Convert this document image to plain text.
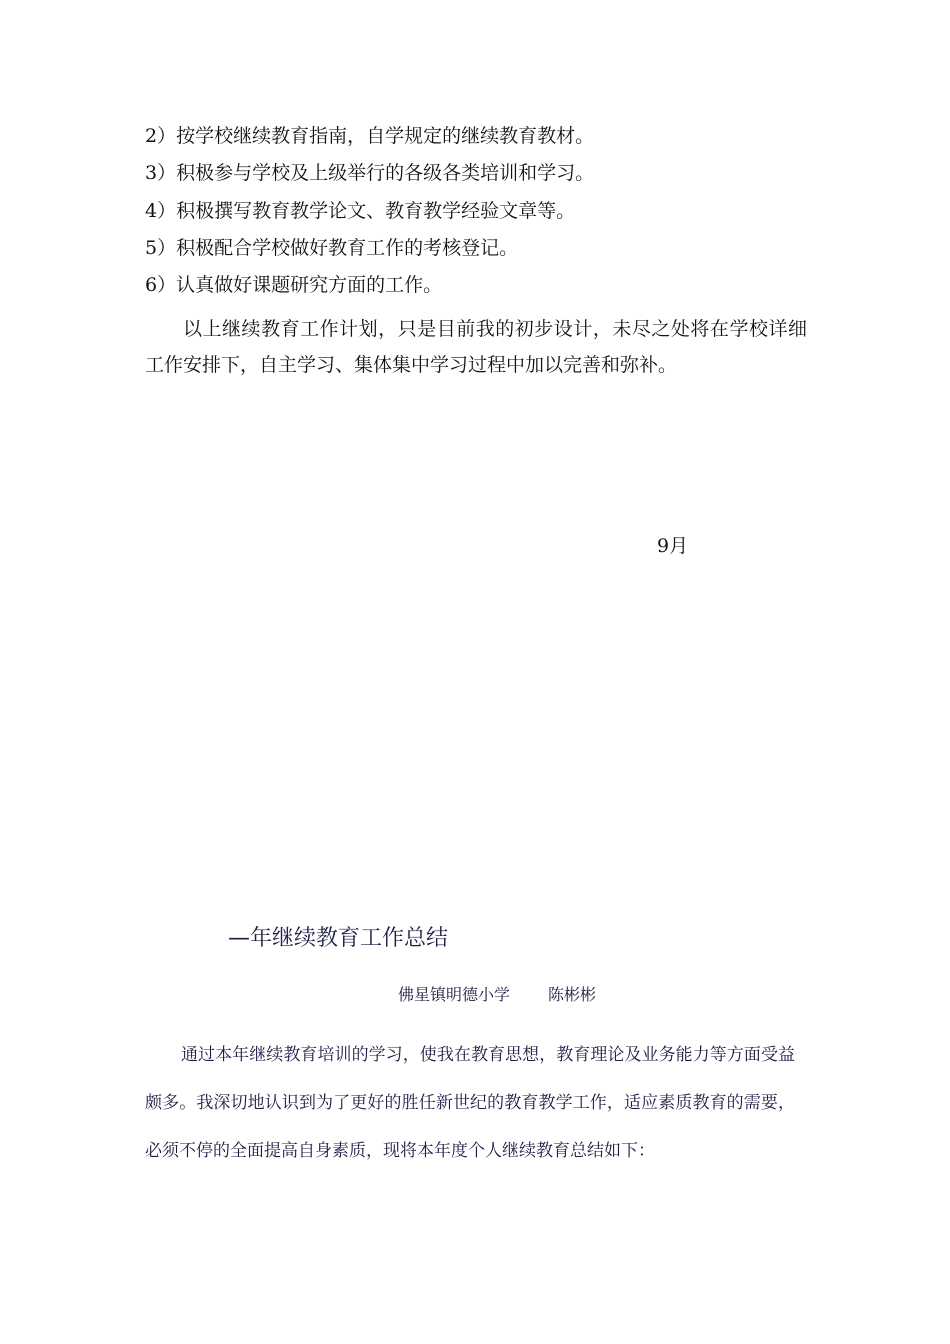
2）按学校继续教育指南，自学规定的继续教育教材。
3）积极参与学校及上级举行的各级各类培训和学习。
4）积极撰写教育教学论文、教育教学经验文章等。
5）积极配合学校做好教育工作的考核登记。
6）认真做好课题研究方面的工作。
以上继续教育工作计划，只是目前我的初步设计，未尽之处将在学校详细工作安排下，自主学习、集体集中学习过程中加以完善和弥补。
9月
—年继续教育工作总结
佛星镇明德小学 陈彬彬
通过本年继续教育培训的学习，使我在教育思想，教育理论及业务能力等方面受益颇多。我深切地认识到为了更好的胜任新世纪的教育教学工作，适应素质教育的需要，必须不停的全面提高自身素质，现将本年度个人继续教育总结如下：
